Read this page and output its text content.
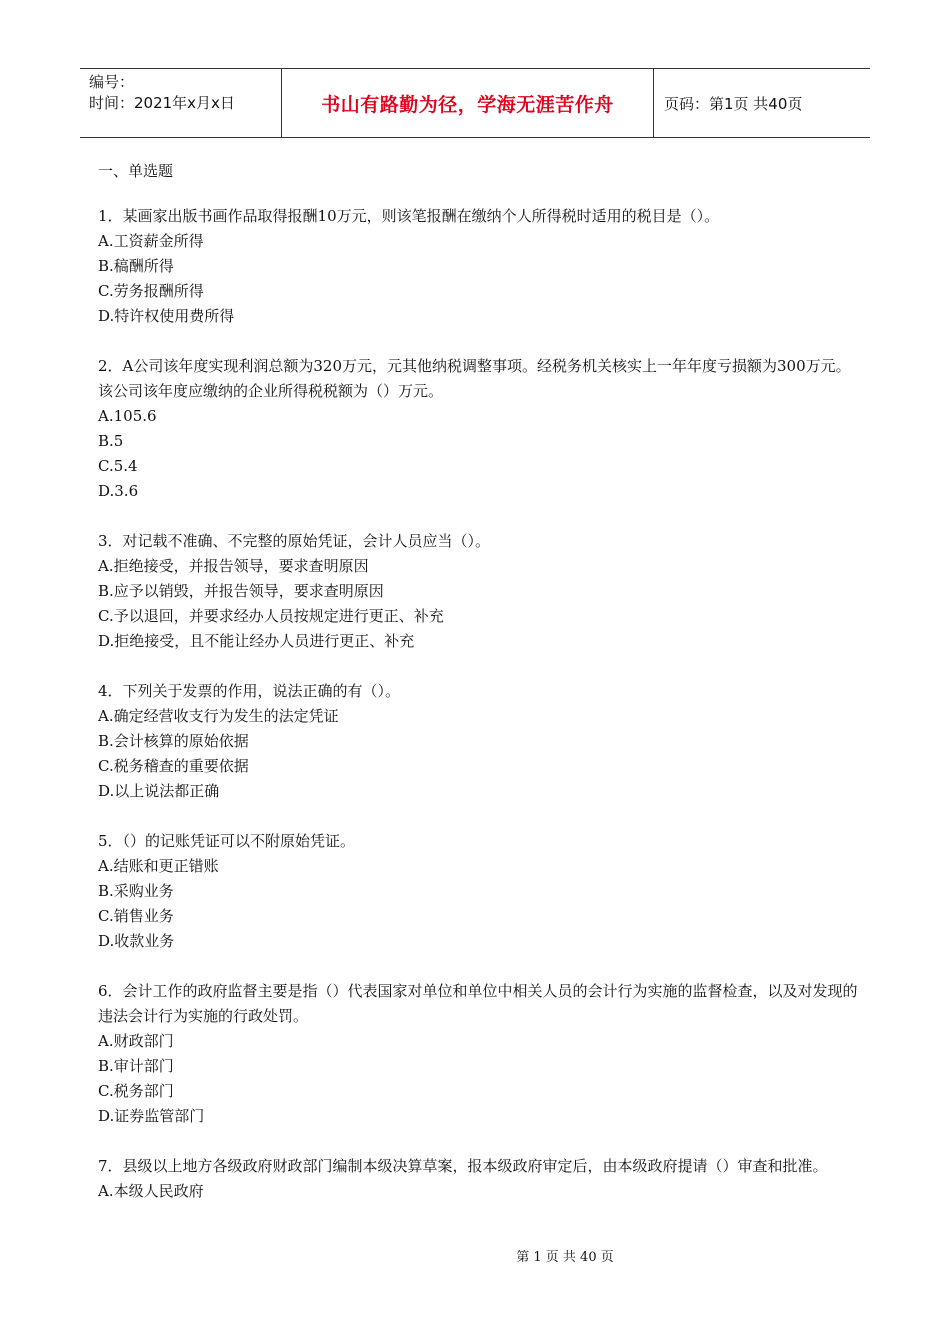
编号：
时间：2021年x月x日	书山有路勤为径，学海无涯苦作舟	页码：第1页 共40页
一、单选题

1．某画家出版书画作品取得报酬10万元，则该笔报酬在缴纳个人所得税时适用的税目是（）。

A.工资薪金所得

B.稿酬所得

C.劳务报酬所得

D.特许权使用费所得

2．A公司该年度实现利润总额为320万元，元其他纳税调整事项。经税务机关核实上一年年度亏损额为300万元。该公司该年度应缴纳的企业所得税税额为（）万元。

A.105.6

B.5

C.5.4

D.3.6

3．对记载不准确、不完整的原始凭证，会计人员应当（）。

A.拒绝接受，并报告领导，要求查明原因

B.应予以销毁，并报告领导，要求查明原因

C.予以退回，并要求经办人员按规定进行更正、补充

D.拒绝接受，且不能让经办人员进行更正、补充

4．下列关于发票的作用，说法正确的有（）。

A.确定经营收支行为发生的法定凭证

B.会计核算的原始依据

C.税务稽查的重要依据

D.以上说法都正确

5．（）的记账凭证可以不附原始凭证。

A.结账和更正错账

B.采购业务

C.销售业务

D.收款业务

6．会计工作的政府监督主要是指（）代表国家对单位和单位中相关人员的会计行为实施的监督检查，以及对发现的违法会计行为实施的行政处罚。

A.财政部门

B.审计部门

C.税务部门

D.证券监管部门

7．县级以上地方各级政府财政部门编制本级决算草案，报本级政府审定后，由本级政府提请（）审查和批准。

A.本级人民政府

第 1 页 共 40 页
